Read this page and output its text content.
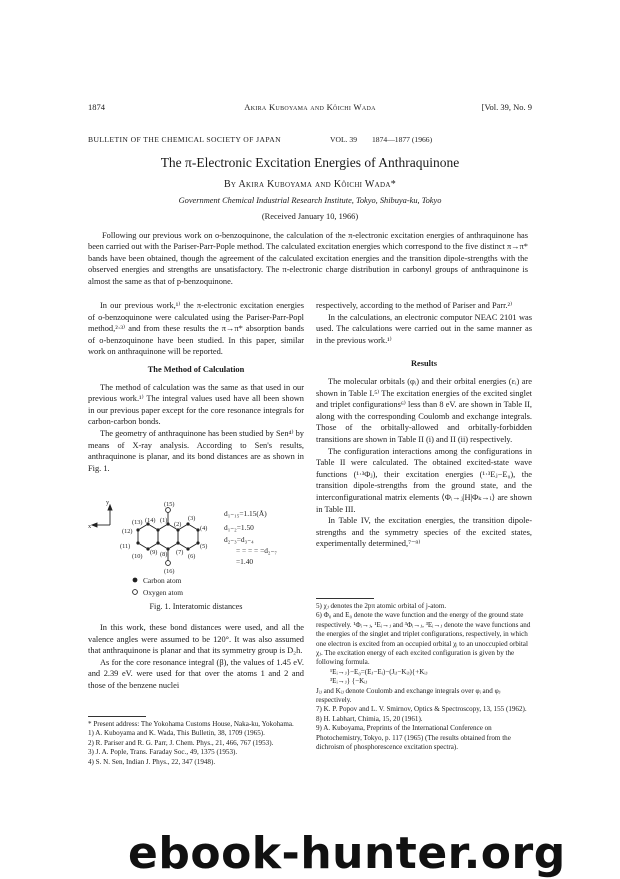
1874	Akira Kuboyama and Kôichi Wada	[Vol. 39, No. 9
BULLETIN OF THE CHEMICAL SOCIETY OF JAPAN	VOL. 39 1874—1877 (1966)
The π-Electronic Excitation Energies of Anthraquinone
By Akira Kuboyama and Kôichi Wada*
Government Chemical Industrial Research Institute, Tokyo, Shibuya-ku, Tokyo
(Received January 10, 1966)
Following our previous work on o-benzoquinone, the calculation of the π-electronic excitation energies of anthraquinone has been carried out with the Pariser-Parr-Pople method. The calculated excitation energies which correspond to the five distinct π→π* bands have been obtained, though the agreement of the calculated excitation energies and the transition dipole-strengths with the observed energies and strengths are unsatisfactory. The π-electronic charge distribution in carbonyl groups of anthraquinone is almost the same as that of p-benzoquinone.

In our previous work,¹⁾ the π-electronic excitation energies of o-benzoquinone were calculated using the Pariser-Parr-Popl method,²·³⁾ and from these results the π→π* absorption bands of o-benzoquinone have been studied. In this paper, similar work on anthraquinone will be reported.

The Method of Calculation

The method of calculation was the same as that used in our previous work.¹⁾ The integral values used have all been shown in our previous paper except for the core resonance integrals for carbon-carbon bonds.

The geometry of anthraquinone has been studied by Sen⁴⁾ by means of X-ray analysis. According to Sen's results, anthraquinone is planar, and its bond distances are as shown in Fig. 1.

y
x
(15)
(1)
(2)
(3)
(4)
(5)
(6)
(7)
(8)
(9)
(10)
(11)
(12)
(13) (14)
(16)
d₁₋₁₅=1.15(Å)
d₁₋₂=1.50
d₂₋₃=d₃₋₄
= = = = =d₂₋₇
=1.40
Carbon atom
Oxygen atom
Fig. 1. Interatomic distances

In this work, these bond distances were used, and all the valence angles were assumed to be 120°. It was also assumed that anthraquinone is planar and that its symmetry group is D₂h.

As for the core resonance integral (β), the values of 1.45 eV. and 2.39 eV. were used for that over the atoms 1 and 2 and those of the benzene nuclei

* Present address: The Yokohama Customs House, Naka-ku, Yokohama.
1) A. Kuboyama and K. Wada, This Bulletin, 38, 1709 (1965).
2) R. Pariser and R. G. Parr, J. Chem. Phys., 21, 466, 767 (1953).
3) J. A. Pople, Trans. Faraday Soc., 49, 1375 (1953).
4) S. N. Sen, Indian J. Phys., 22, 347 (1948).

respectively, according to the method of Pariser and Parr.²⁾

In the calculations, an electronic computor NEAC 2101 was used. The calculations were carried out in the same manner as in the previous work.¹⁾

Results

The molecular orbitals (φᵢ) and their orbital energies (εᵢ) are shown in Table I.⁵⁾ The excitation energies of the excited singlet and triplet configurations⁶⁾ less than 8 eV. are shown in Table II, along with the corresponding Coulomb and exchange integrals. Those of the orbitally-allowed and orbitally-forbidden transitions are shown in Table II (i) and II (ii) respectively.

The configuration interactions among the configurations in Table II were calculated. The obtained excited-state wave functions (¹·³Φⱼ), their excitation energies (¹·³Eⱼ−E₀), the transition dipole-strengths from the ground state, and the interconfigurational matrix elements ⟨Φᵢ→ⱼ|H|Φₖ→ₗ⟩ are shown in Table III.

In Table IV, the excitation energies, the transition dipole-strengths and the symmetry species of the excited states, experimentally determined,⁷⁻⁹⁾

5) χⱼ denotes the 2pπ atomic orbital of j-atom.
6) Φ₀ and E₀ denote the wave function and the energy of the ground state respectively. ¹Φᵢ→ⱼ, ¹Eᵢ→ⱼ and ³Φᵢ→ⱼ, ³Eᵢ→ⱼ denote the wave functions and the energies of the singlet and triplet configurations, respectively, in which one electron is excited from an occupied orbital χᵢ to an unoccupied orbital χⱼ. The excitation energy of each excited configuration is given by the following formula.
¹Eᵢ→ⱼ}−E₀=(Eⱼ−Eᵢ)−(Jᵢⱼ−Kᵢⱼ){+Kᵢⱼ
³Eᵢ→ⱼ} {−Kᵢⱼ
Jᵢⱼ and Kᵢⱼ denote Coulomb and exchange integrals over φᵢ and φⱼ respectively.
7) K. P. Popov and L. V. Smirnov, Optics & Spectroscopy, 13, 155 (1962).
8) H. Labhart, Chimia, 15, 20 (1961).
9) A. Kuboyama, Preprints of the International Conference on Photochemistry, Tokyo, p. 117 (1965) (The results obtained from the dichroism of phosphorescence excitation spectra).
ebook-hunter.org
